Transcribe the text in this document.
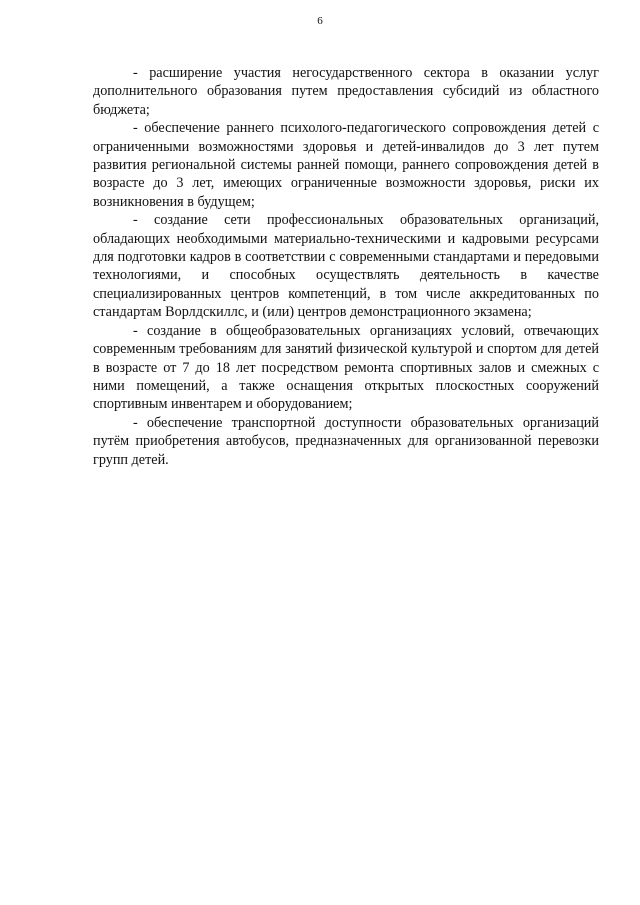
6

- расширение участия негосударственного сектора в оказании услуг дополнительного образования путем предоставления субсидий из областного бюджета;

- обеспечение раннего психолого-педагогического сопровождения детей с ограниченными возможностями здоровья и детей-инвалидов до 3 лет путем развития региональной системы ранней помощи, раннего сопровождения детей в возрасте до 3 лет, имеющих ограниченные возможности здоровья, риски их возникновения в будущем;

- создание сети профессиональных образовательных организаций, обладающих необходимыми материально-техническими и кадровыми ресурсами для подготовки кадров в соответствии с современными стандартами и передовыми технологиями, и способных осуществлять деятельность в качестве специализированных центров компетенций, в том числе аккредитованных по стандартам Ворлдскиллс, и (или) центров демонстрационного экзамена;

- создание в общеобразовательных организациях условий, отвечающих современным требованиям для занятий физической культурой и спортом для детей в возрасте от 7 до 18 лет посредством ремонта спортивных залов и смежных с ними помещений, а также оснащения открытых плоскостных сооружений спортивным инвентарем и оборудованием;

- обеспечение транспортной доступности образовательных организаций путём приобретения автобусов, предназначенных для организованной перевозки групп детей.
